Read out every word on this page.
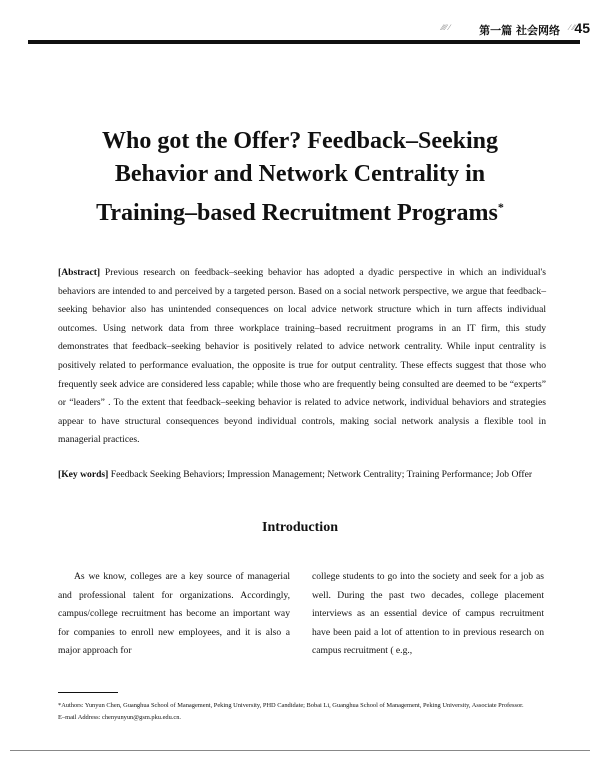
⁄⁄⁄⁄ ⁄	第一篇 社会网络 ⁄ ⁄⁄ 45
Who got the Offer? Feedback–Seeking
Behavior and Network Centrality in
Training–based Recruitment Programs*
[Abstract] Previous research on feedback–seeking behavior has adopted a dyadic perspective in which an individual's behaviors are intended to and perceived by a targeted person. Based on a social network perspective, we argue that feedback–seeking behavior also has unintended consequences on local advice network structure which in turn affects individual outcomes. Using network data from three workplace training–based recruitment programs in an IT firm, this study demonstrates that feedback–seeking behavior is positively related to advice network centrality. While input centrality is positively related to performance evaluation, the opposite is true for output centrality. These effects suggest that those who frequently seek advice are considered less capable; while those who are frequently being consulted are deemed to be “experts” or “leaders” . To the extent that feedback–seeking behavior is related to advice network, individual behaviors and strategies appear to have structural consequences beyond individual controls, making social network analysis a flexible tool in managerial practices.
[Key words] Feedback Seeking Behaviors; Impression Management; Network Centrality; Training Performance; Job Offer
Introduction
As we know, colleges are a key source of managerial and professional talent for organizations. Accordingly, campus/college recruitment has become an important way for companies to enroll new employees, and it is also a major approach for
college students to go into the society and seek for a job as well. During the past two decades, college placement interviews as an essential device of campus recruitment have been paid a lot of attention to in previous research on campus recruitment ( e.g.,

*Authors: Yunyun Chen, Guanghua School of Management, Peking University, PHD Candidate; Bobai Li, Guanghua School of Management, Peking University, Associate Professor.

E–mail Address: chenyunyun@gsm.pku.edu.cn.
